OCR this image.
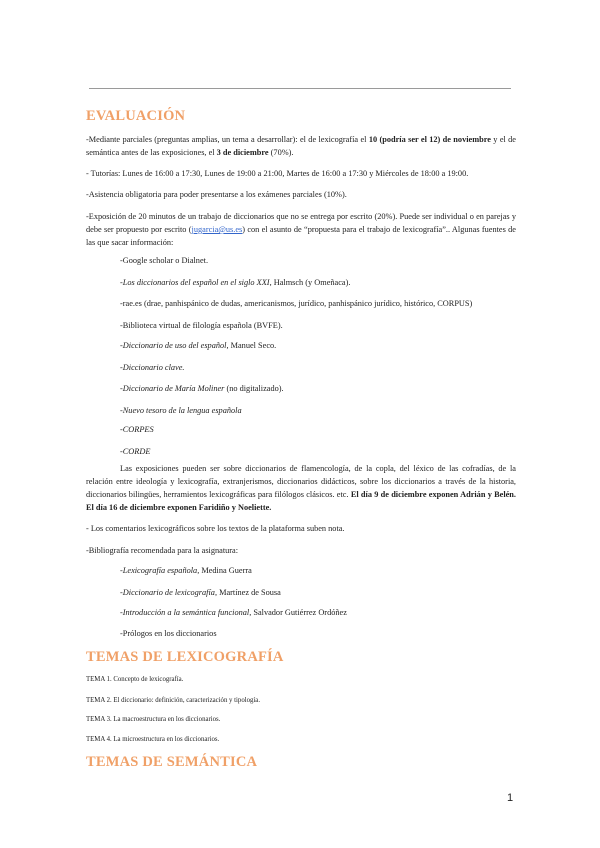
EVALUACIÓN

-Mediante parciales (preguntas amplias, un tema a desarrollar): el de lexicografía el 10 (podría ser el 12) de noviembre y el de semántica antes de las exposiciones, el 3 de diciembre (70%).

- Tutorías: Lunes de 16:00 a 17:30, Lunes de 19:00 a 21:00, Martes de 16:00 a 17:30 y Miércoles de 18:00 a 19:00.

-Asistencia obligatoria para poder presentarse a los exámenes parciales (10%).

-Exposición de 20 minutos de un trabajo de diccionarios que no se entrega por escrito (20%). Puede ser individual o en parejas y debe ser propuesto por escrito (jugarcia@us.es) con el asunto de “propuesta para el trabajo de lexicografía”.. Algunas fuentes de las que sacar información:

-Google scholar o Dialnet.

-Los diccionarios del español en el siglo XXI, Halmsch (y Omeñaca).

-rae.es (drae, panhispánico de dudas, americanismos, jurídico, panhispánico jurídico, histórico, CORPUS)

-Biblioteca virtual de filología española (BVFE).

-Diccionario de uso del español, Manuel Seco.

-Diccionario clave.

-Diccionario de María Moliner (no digitalizado).

-Nuevo tesoro de la lengua española

-CORPES

-CORDE

Las exposiciones pueden ser sobre diccionarios de flamencología, de la copla, del léxico de las cofradías, de la relación entre ideología y lexicografía, extranjerismos, diccionarios didácticos, sobre los diccionarios a través de la historia, diccionarios bilingües, herramientos lexicográficas para filólogos clásicos. etc. El día 9 de diciembre exponen Adrián y Belén. El día 16 de diciembre exponen Faridiño y Noeliette.

- Los comentarios lexicográficos sobre los textos de la plataforma suben nota.

-Bibliografía recomendada para la asignatura:

-Lexicografía española, Medina Guerra

-Diccionario de lexicografía, Martínez de Sousa

-Introducción a la semántica funcional, Salvador Gutiérrez Ordóñez

-Prólogos en los diccionarios

TEMAS DE LEXICOGRAFÍA

TEMA 1. Concepto de lexicografía.

TEMA 2. El diccionario: definición, caracterización y tipología.

TEMA 3. La macroestructura en los diccionarios.

TEMA 4. La microestructura en los diccionarios.

TEMAS DE SEMÁNTICA

1
